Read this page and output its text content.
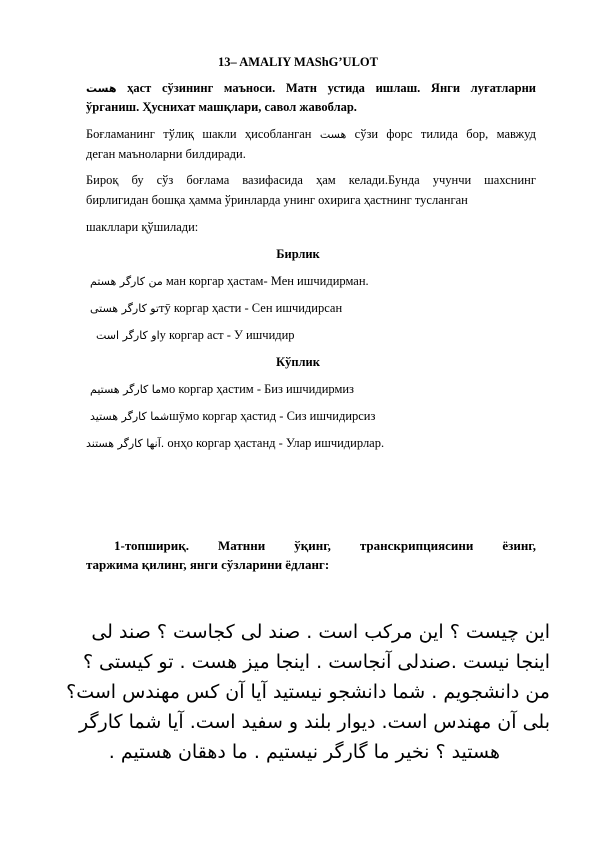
13– AMALIY MAShG’ULOT
هست ҳаст сўзининг маъноси. Матн устида ишлаш. Янги луғатларни
ўрганиш. Ҳуснихат машқлари, савол жавоблар.
Боғламанинг тўлиқ шакли ҳисобланган هست сўзи форс тилида бор, мавжуд
деган маъноларни билдиради.
Бироқ бу сўз боғлама вазифасида ҳам келади.Бунда учунчи шахснинг
бирлигидан бошқа ҳамма ўринларда унинг охирига ҳастнинг тусланган
шакллари қўшилади:
Бирлик
من کارگر هستم ман коргар ҳастам- Мен ишчидирман.
تو کارگر هستیтӯ коргар ҳасти - Сен ишчидирсан
او کارگر استу коргар аст - У ишчидир
Кўплик
ما کارگر هستیمмо коргар ҳастим - Биз ишчидирмиз
شما کارگر هستیدшӯмо коргар ҳастид - Сиз ишчидирсиз
آنها کارگر هستند. онҳо коргар ҳастанд - Улар ишчидирлар.
1-топшириқ. Матнни ўқинг, транскрипциясини ёзинг,
таржима қилинг, янги сўзларини ёдланг:
این چیست ؟ این مرکب است . صند لی کجاست ؟ صند لی
اینجا نیست .صندلی آنجاست . اینجا میز هست . تو کیستی ؟
من دانشجویم . شما دانشجو نیستید آیا آن کس مهندس است؟
بلی آن مهندس است. دیوار بلند و سفید است. آیا شما کارگر
هستید ؟ نخیر ما گارگر نیستیم . ما دهقان هستیم .
